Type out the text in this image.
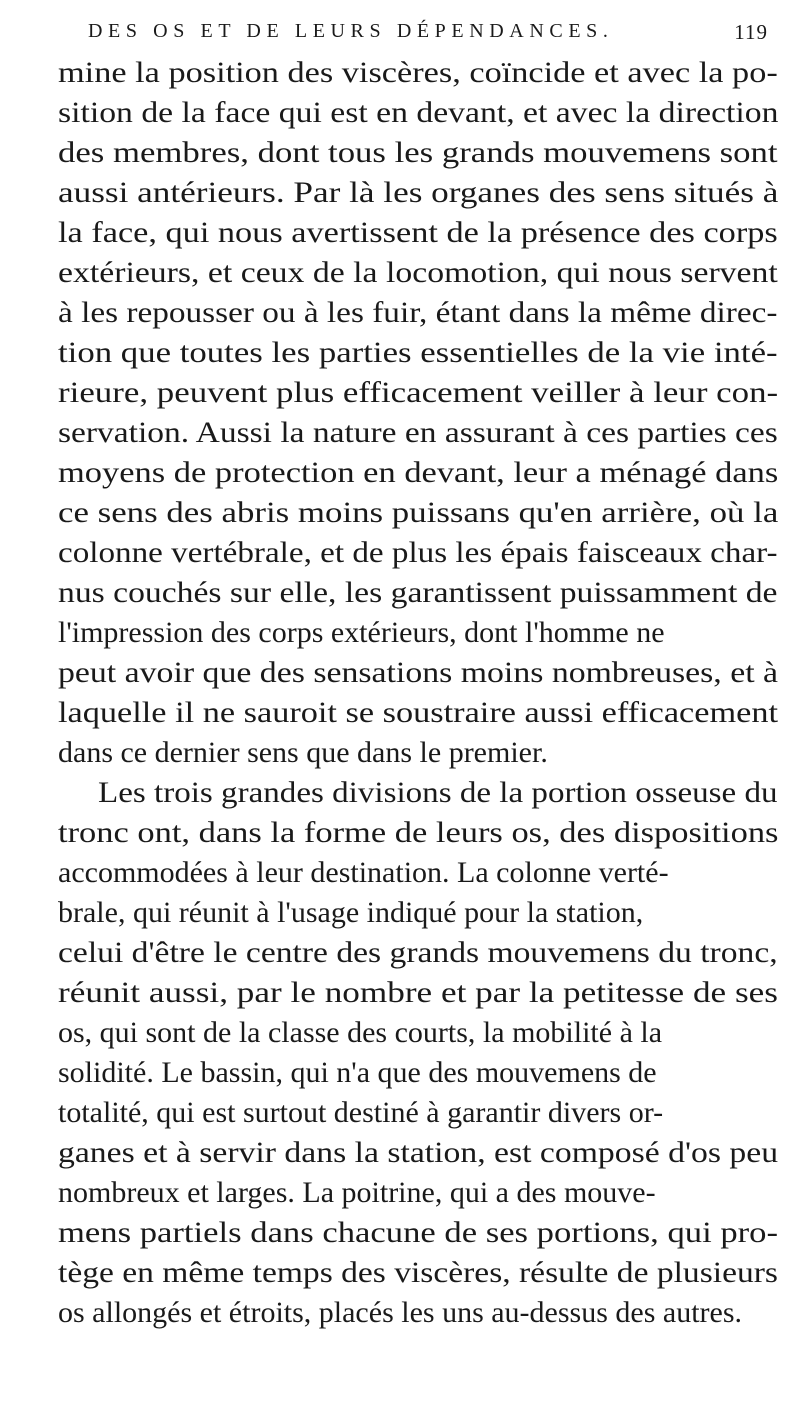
DES OS ET DE LEURS DÉPENDANCES.	119
mine la position des viscères, coïncide et avec la po-
sition de la face qui est en devant, et avec la direction
des membres, dont tous les grands mouvemens sont
aussi antérieurs. Par là les organes des sens situés à
la face, qui nous avertissent de la présence des corps
extérieurs, et ceux de la locomotion, qui nous servent
à les repousser ou à les fuir, étant dans la même direc-
tion que toutes les parties essentielles de la vie inté-
rieure, peuvent plus efficacement veiller à leur con-
servation. Aussi la nature en assurant à ces parties ces
moyens de protection en devant, leur a ménagé dans
ce sens des abris moins puissans qu'en arrière, où la
colonne vertébrale, et de plus les épais faisceaux char-
nus couchés sur elle, les garantissent puissamment de
l'impression des corps extérieurs, dont l'homme ne
peut avoir que des sensations moins nombreuses, et à
laquelle il ne sauroit se soustraire aussi efficacement
dans ce dernier sens que dans le premier.
Les trois grandes divisions de la portion osseuse du
tronc ont, dans la forme de leurs os, des dispositions
accommodées à leur destination. La colonne verté-
brale, qui réunit à l'usage indiqué pour la station,
celui d'être le centre des grands mouvemens du tronc,
réunit aussi, par le nombre et par la petitesse de ses
os, qui sont de la classe des courts, la mobilité à la
solidité. Le bassin, qui n'a que des mouvemens de
totalité, qui est surtout destiné à garantir divers or-
ganes et à servir dans la station, est composé d'os peu
nombreux et larges. La poitrine, qui a des mouve-
mens partiels dans chacune de ses portions, qui pro-
tège en même temps des viscères, résulte de plusieurs
os allongés et étroits, placés les uns au-dessus des autres.
